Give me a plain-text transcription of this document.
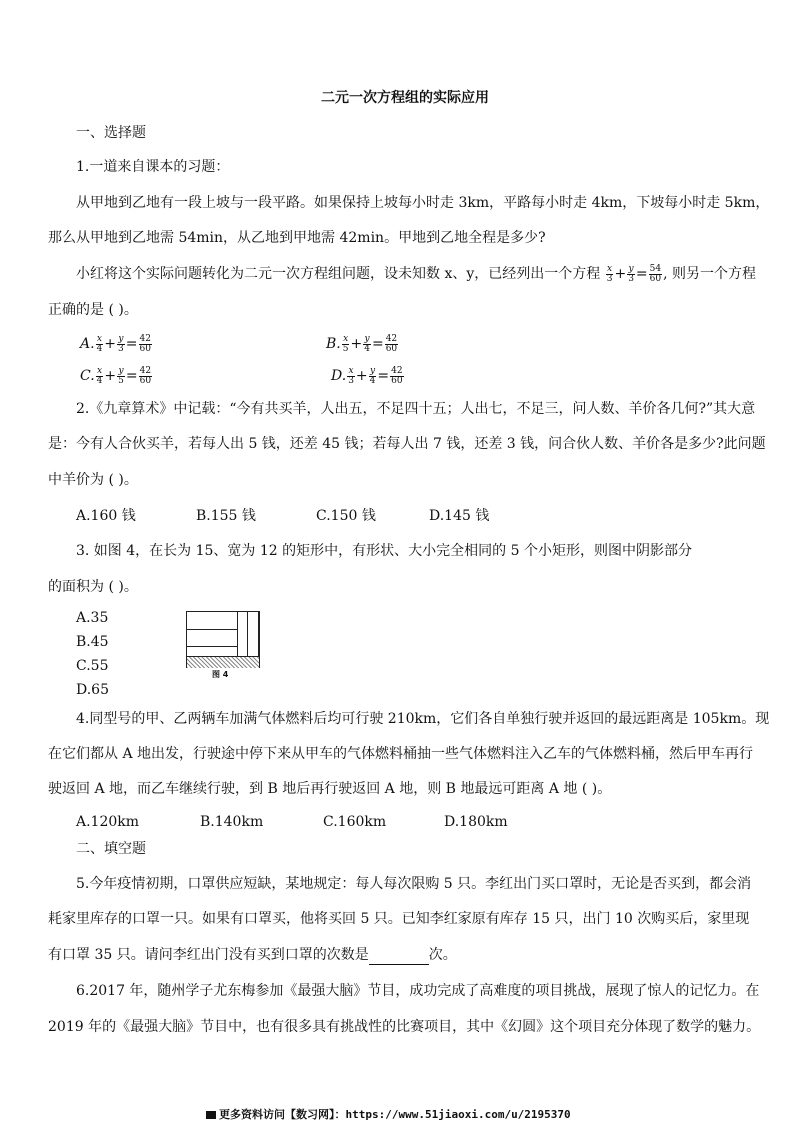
二元一次方程组的实际应用
一、选择题
1.一道来自课本的习题：
从甲地到乙地有一段上坡与一段平路。如果保持上坡每小时走 3km，平路每小时走 4km，下坡每小时走 5km，
那么从甲地到乙地需 54min，从乙地到甲地需 42min。甲地到乙地全程是多少?
小红将这个实际问题转化为二元一次方程组问题，设未知数 x、y，已经列出一个方程 $\frac{x}{3} + \frac{y}{3} = \frac{54}{60}$ , 则另一个方程
正确的是 ( )。
A. $\frac{x}{4} + \frac{y}{3} = \frac{42}{60}$	B. $\frac{x}{5} + \frac{y}{4} = \frac{42}{60}$
C. $\frac{x}{4} + \frac{y}{5} = \frac{42}{60}$	D. $\frac{x}{3} + \frac{y}{4} = \frac{42}{60}$
2.《九章算术》中记载：“今有共买羊，人出五，不足四十五；人出七，不足三，问人数、羊价各几何?”其大意
是：今有人合伙买羊，若每人出 5 钱，还差 45 钱；若每人出 7 钱，还差 3 钱，问合伙人数、羊价各是多少?此问题
中羊价为 ( )。
A.160 钱	B.155 钱	C.150 钱	D.145 钱
3. 如图 4，在长为 15、宽为 12 的矩形中，有形状、大小完全相同的 5 个小矩形，则图中阴影部分
的面积为 ( )。
A.35
B.45
C.55
D.65
图 4
4.同型号的甲、乙两辆车加满气体燃料后均可行驶 210km，它们各自单独行驶并返回的最远距离是 105km。现
在它们都从 A 地出发，行驶途中停下来从甲车的气体燃料桶抽一些气体燃料注入乙车的气体燃料桶，然后甲车再行
驶返回 A 地，而乙车继续行驶，到 B 地后再行驶返回 A 地，则 B 地最远可距离 A 地 ( )。
A.120km	B.140km	C.160km	D.180km
二、填空题
5.今年疫情初期，口罩供应短缺，某地规定：每人每次限购 5 只。李红出门买口罩时，无论是否买到，都会消
耗家里库存的口罩一只。如果有口罩买，他将买回 5 只。已知李红家原有库存 15 只，出门 10 次购买后，家里现
有口罩 35 只。请问李红出门没有买到口罩的次数是	次。
6.2017 年，随州学子尤东梅参加《最强大脑》节目，成功完成了高难度的项目挑战，展现了惊人的记忆力。在
2019 年的《最强大脑》节目中，也有很多具有挑战性的比赛项目，其中《幻圆》这个项目充分体现了数学的魅力。
更多资料访问【数习网】：https://www.51jiaoxi.com/u/2195370
